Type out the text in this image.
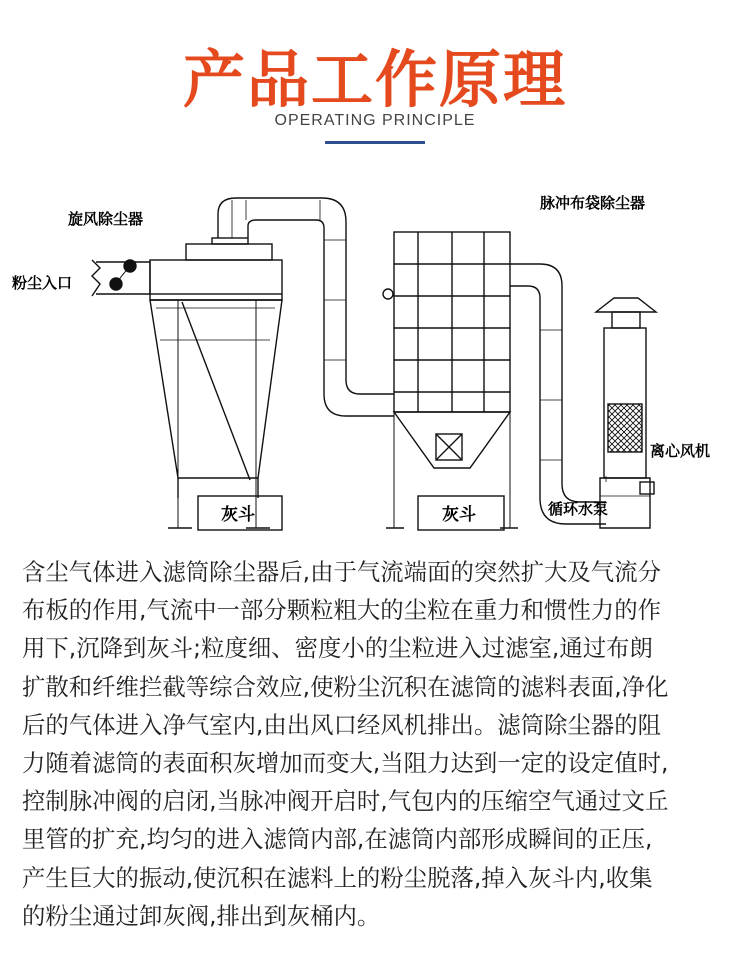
产品工作原理
OPERATING PRINCIPLE
旋风除尘器
粉尘入口
脉冲布袋除尘器
离心风机
循环水泵
灰斗	灰斗
含尘气体进入滤筒除尘器后,由于气流端面的突然扩大及气流分
布板的作用,气流中一部分颗粒粗大的尘粒在重力和惯性力的作
用下,沉降到灰斗;粒度细、密度小的尘粒进入过滤室,通过布朗
扩散和纤维拦截等综合效应,使粉尘沉积在滤筒的滤料表面,净化
后的气体进入净气室内,由出风口经风机排出。滤筒除尘器的阻
力随着滤筒的表面积灰增加而变大,当阻力达到一定的设定值时,
控制脉冲阀的启闭,当脉冲阀开启时,气包内的压缩空气通过文丘
里管的扩充,均匀的进入滤筒内部,在滤筒内部形成瞬间的正压,
产生巨大的振动,使沉积在滤料上的粉尘脱落,掉入灰斗内,收集
的粉尘通过卸灰阀,排出到灰桶内。
